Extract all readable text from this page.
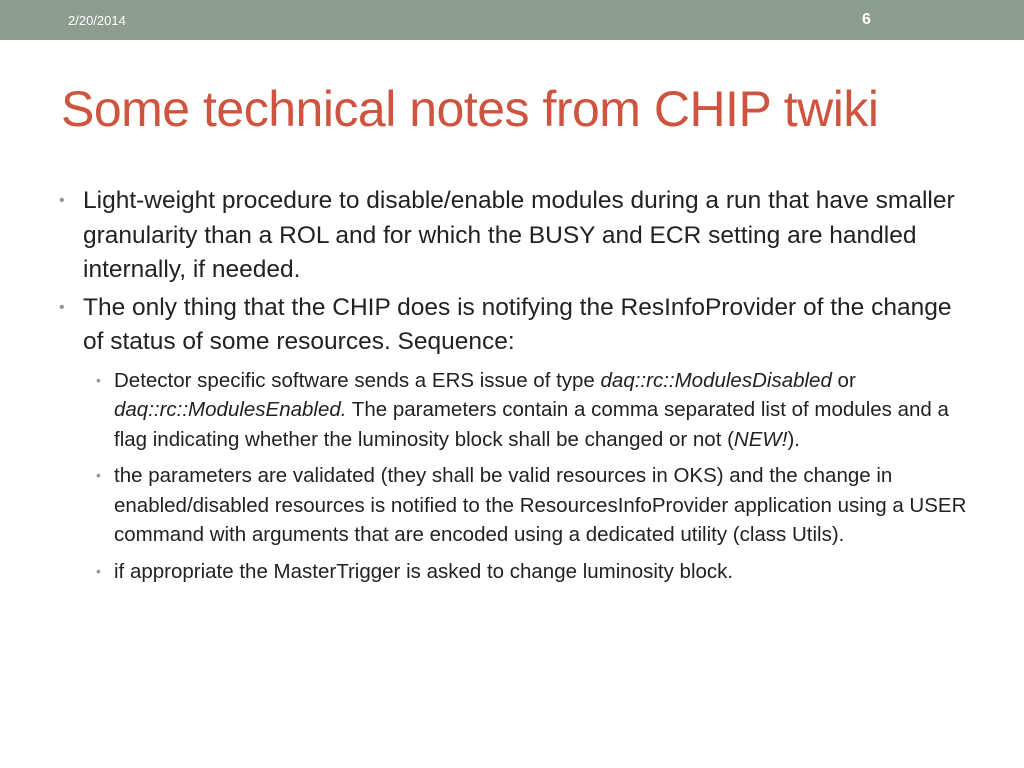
2/20/2014	6
Some technical notes from CHIP twiki
• Light-weight procedure to disable/enable modules during a run that have smaller granularity than a ROL and for which the BUSY and ECR setting are handled internally, if needed.
• The only thing that the CHIP does is notifying the ResInfoProvider of the change of status of some resources. Sequence:
• Detector specific software sends a ERS issue of type daq::rc::ModulesDisabled or daq::rc::ModulesEnabled. The parameters contain a comma separated list of modules and a flag indicating whether the luminosity block shall be changed or not (NEW!).
• the parameters are validated (they shall be valid resources in OKS) and the change in enabled/disabled resources is notified to the ResourcesInfoProvider application using a USER command with arguments that are encoded using a dedicated utility (class Utils).
• if appropriate the MasterTrigger is asked to change luminosity block.
